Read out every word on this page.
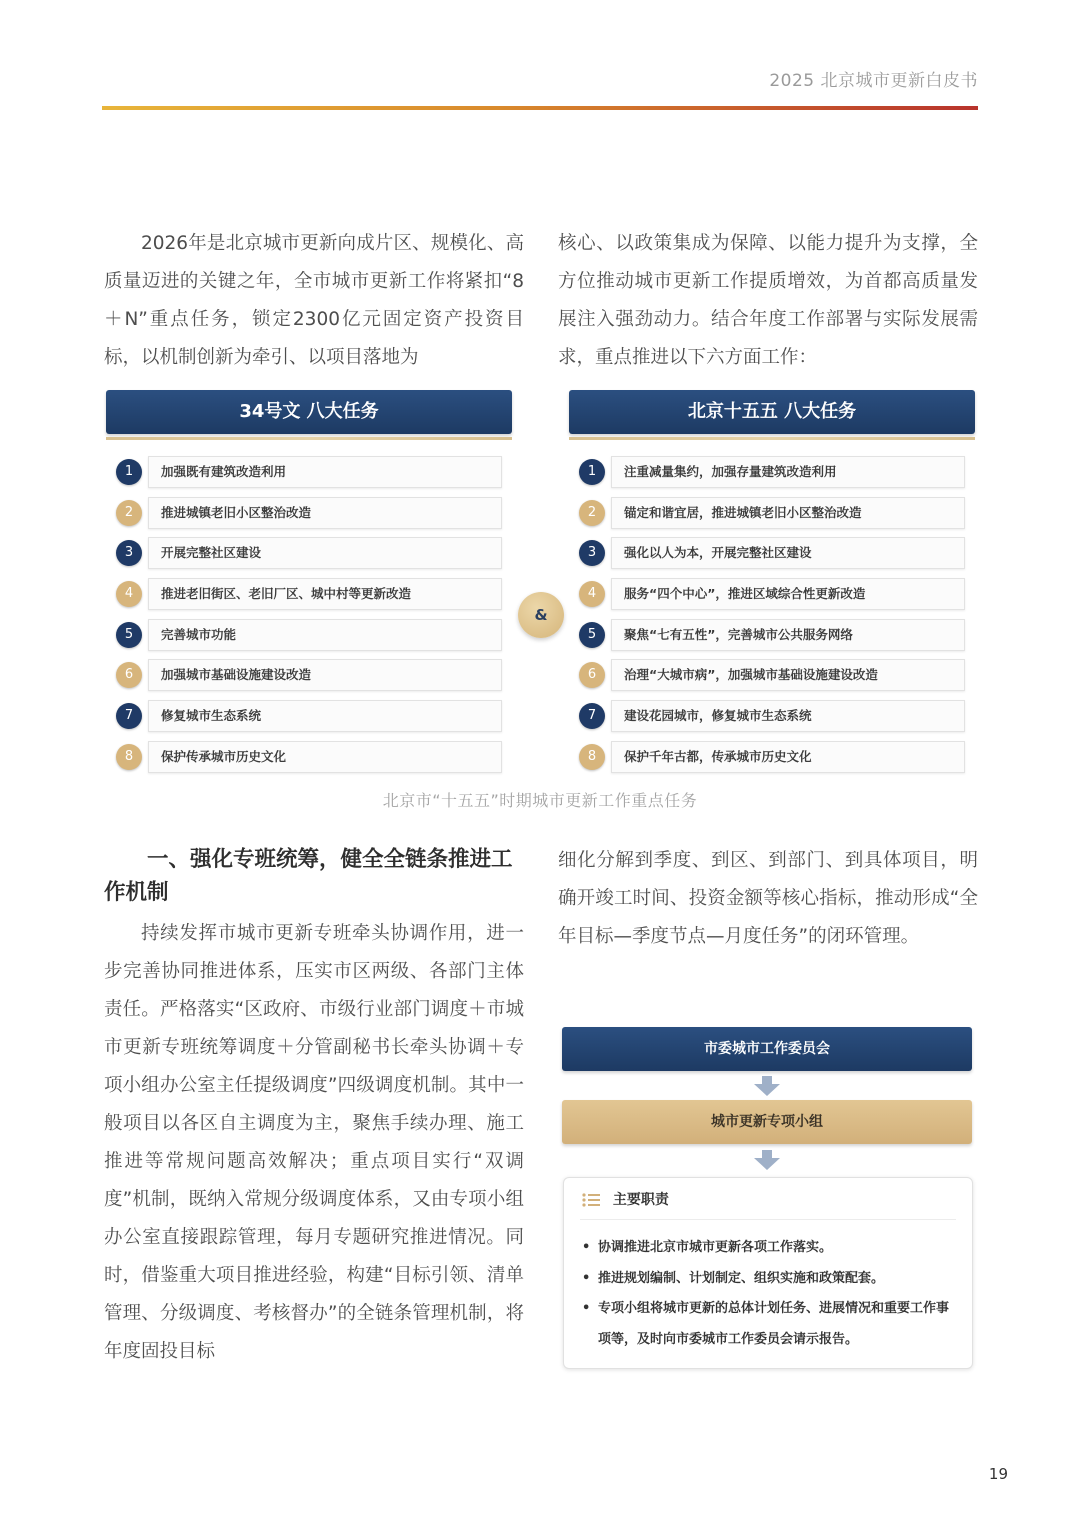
2025 北京城市更新白皮书

2026年是北京城市更新向成片区、规模化、高质量迈进的关键之年，全市城市更新工作将紧扣“8＋N”重点任务，锁定2300亿元固定资产投资目标，以机制创新为牵引、以项目落地为

核心、以政策集成为保障、以能力提升为支撑，全方位推动城市更新工作提质增效，为首都高质量发展注入强劲动力。结合年度工作部署与实际发展需求，重点推进以下六方面工作：

34号文 八大任务
1	加强既有建筑改造利用
2	推进城镇老旧小区整治改造
3	开展完整社区建设
4	推进老旧街区、老旧厂区、城中村等更新改造
5	完善城市功能
6	加强城市基础设施建设改造
7	修复城市生态系统
8	保护传承城市历史文化
&
北京十五五 八大任务
1	注重减量集约，加强存量建筑改造利用
2	锚定和谐宜居，推进城镇老旧小区整治改造
3	强化以人为本，开展完整社区建设
4	服务“四个中心”，推进区域综合性更新改造
5	聚焦“七有五性”，完善城市公共服务网络
6	治理“大城市病”，加强城市基础设施建设改造
7	建设花园城市，修复城市生态系统
8	保护千年古都，传承城市历史文化
北京市“十五五”时期城市更新工作重点任务
一、强化专班统筹，健全全链条推进工作机制

持续发挥市城市更新专班牵头协调作用，进一步完善协同推进体系，压实市区两级、各部门主体责任。严格落实“区政府、市级行业部门调度＋市城市更新专班统筹调度＋分管副秘书长牵头协调＋专项小组办公室主任提级调度”四级调度机制。其中一般项目以各区自主调度为主，聚焦手续办理、施工推进等常规问题高效解决；重点项目实行“双调度”机制，既纳入常规分级调度体系，又由专项小组办公室直接跟踪管理，每月专题研究推进情况。同时，借鉴重大项目推进经验，构建“目标引领、清单管理、分级调度、考核督办”的全链条管理机制，将年度固投目标

细化分解到季度、到区、到部门、到具体项目，明确开竣工时间、投资金额等核心指标，推动形成“全年目标—季度节点—月度任务”的闭环管理。

市委城市工作委员会
城市更新专项小组
主要职责
• 协调推进北京市城市更新各项工作落实。
• 推进规划编制、计划制定、组织实施和政策配套。
• 专项小组将城市更新的总体计划任务、进展情况和重要工作事项等，及时向市委城市工作委员会请示报告。
19
